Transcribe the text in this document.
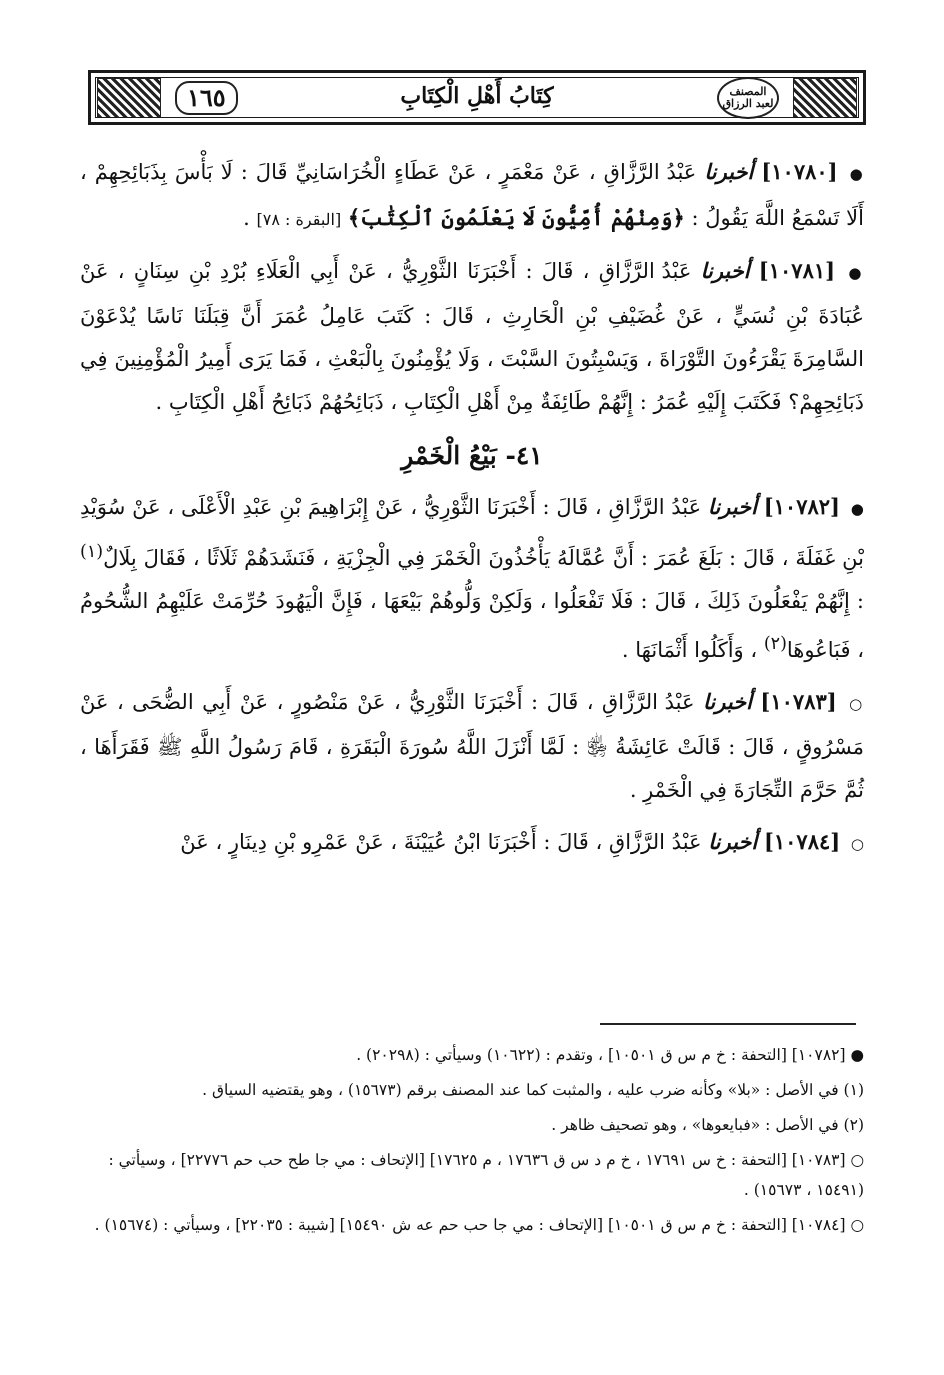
١٦٥	كِتَابُ أَهْلِ الْكِتَابِ	المصنف لعبد الرزاق

● [١٠٧٨٠] أخبرنا عَبْدُ الرَّزَّاقِ ، عَنْ مَعْمَرٍ ، عَنْ عَطَاءٍ الْخُرَاسَانِيِّ قَالَ : لَا بَأْسَ بِذَبَائِحِهِمْ ، أَلَا تَسْمَعُ اللَّهَ يَقُولُ : ﴿وَمِنْهُمْ أُمِّيُّونَ لَا يَعْلَمُونَ ٱلْكِتَٰبَ﴾ [البقرة : ٧٨] .

● [١٠٧٨١] أخبرنا عَبْدُ الرَّزَّاقِ ، قَالَ : أَخْبَرَنَا الثَّوْرِيُّ ، عَنْ أَبِي الْعَلَاءِ بُرْدِ بْنِ سِنَانٍ ، عَنْ عُبَادَةَ بْنِ نُسَيٍّ ، عَنْ غُضَيْفِ بْنِ الْحَارِثِ ، قَالَ : كَتَبَ عَامِلُ عُمَرَ أَنَّ قِبَلَنَا نَاسًا يُدْعَوْنَ السَّامِرَةَ يَقْرَءُونَ التَّوْرَاةَ ، وَيَسْبِتُونَ السَّبْتَ ، وَلَا يُؤْمِنُونَ بِالْبَعْثِ ، فَمَا يَرَى أَمِيرُ الْمُؤْمِنِينَ فِي ذَبَائِحِهِمْ؟ فَكَتَبَ إِلَيْهِ عُمَرُ : إِنَّهُمْ طَائِفَةٌ مِنْ أَهْلِ الْكِتَابِ ، ذَبَائِحُهُمْ ذَبَائِحُ أَهْلِ الْكِتَابِ .

٤١- بَيْعُ الْخَمْرِ

● [١٠٧٨٢] أخبرنا عَبْدُ الرَّزَّاقِ ، قَالَ : أَخْبَرَنَا الثَّوْرِيُّ ، عَنْ إِبْرَاهِيمَ بْنِ عَبْدِ الْأَعْلَى ، عَنْ سُوَيْدِ بْنِ غَفَلَةَ ، قَالَ : بَلَغَ عُمَرَ : أَنَّ عُمَّالَهُ يَأْخُذُونَ الْخَمْرَ فِي الْجِزْيَةِ ، فَنَشَدَهُمْ ثَلَاثًا ، فَقَالَ بِلَالٌ$^{(١)}$ : إِنَّهُمْ يَفْعَلُونَ ذَلِكَ ، قَالَ : فَلَا تَفْعَلُوا ، وَلَكِنْ وَلُّوهُمْ بَيْعَهَا ، فَإِنَّ الْيَهُودَ حُرِّمَتْ عَلَيْهِمُ الشُّحُومُ ، فَبَاعُوهَا$^{(٢)}$ ، وَأَكَلُوا أَثْمَانَهَا .

○ [١٠٧٨٣] أخبرنا عَبْدُ الرَّزَّاقِ ، قَالَ : أَخْبَرَنَا الثَّوْرِيُّ ، عَنْ مَنْصُورٍ ، عَنْ أَبِي الضُّحَى ، عَنْ مَسْرُوقٍ ، قَالَ : قَالَتْ عَائِشَةُ ﵂ : لَمَّا أَنْزَلَ اللَّهُ سُورَةَ الْبَقَرَةِ ، قَامَ رَسُولُ اللَّهِ ﷺ فَقَرَأَهَا ، ثُمَّ حَرَّمَ التِّجَارَةَ فِي الْخَمْرِ .

○ [١٠٧٨٤] أخبرنا عَبْدُ الرَّزَّاقِ ، قَالَ : أَخْبَرَنَا ابْنُ عُيَيْنَةَ ، عَنْ عَمْرِو بْنِ دِينَارٍ ، عَنْ

● [١٠٧٨٢] [التحفة : خ م س ق ١٠٥٠١] ، وتقدم : (١٠٦٢٢) وسيأتي : (٢٠٢٩٨) .

(١) في الأصل : «بلا» وكأنه ضرب عليه ، والمثبت كما عند المصنف برقم (١٥٦٧٣) ، وهو يقتضيه السياق .

(٢) في الأصل : «فبايعوها» ، وهو تصحيف ظاهر .

○ [١٠٧٨٣] [التحفة : خ س ١٧٦٩١ ، خ م د س ق ١٧٦٣٦ ، م ١٧٦٢٥] [الإتحاف : مي جا طح حب حم ٢٢٧٧٦] ، وسيأتي : (١٥٤٩١ ، ١٥٦٧٣) .

○ [١٠٧٨٤] [التحفة : خ م س ق ١٠٥٠١] [الإتحاف : مي جا حب حم عه ش ١٥٤٩٠] [شيبة : ٢٢٠٣٥] ، وسيأتي : (١٥٦٧٤) .
